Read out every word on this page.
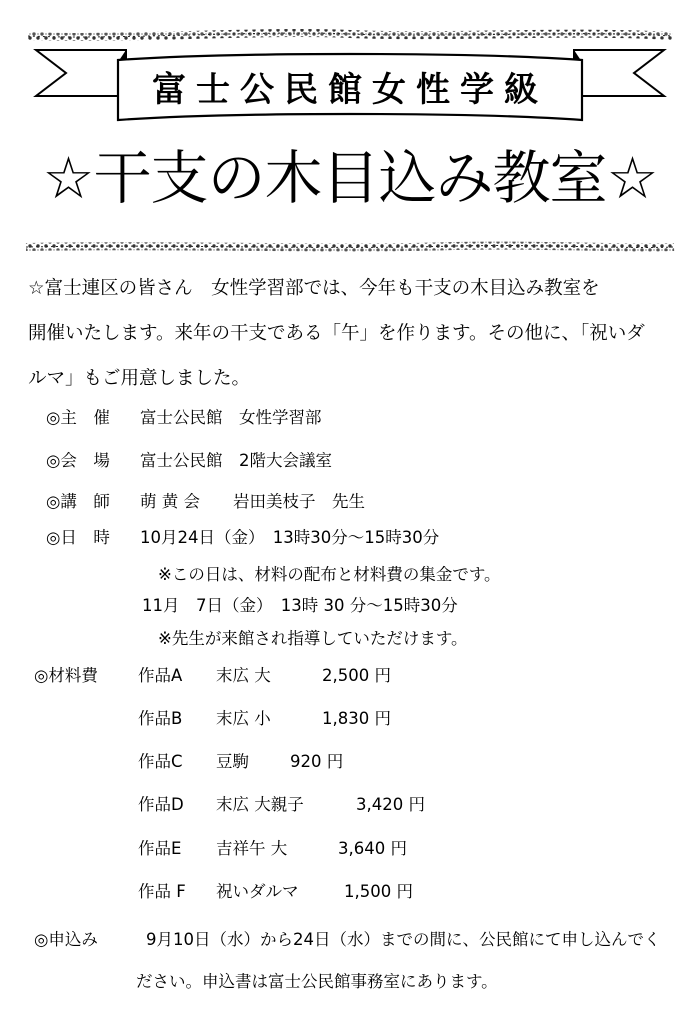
富士公民館女性学級
☆干支の木目込み教室☆

☆富士連区の皆さん　女性学習部では、今年も干支の木目込み教室を

開催いたします。来年の干支である「午」を作ります。その他に、「祝いダ

ルマ」もご用意しました。

◎主　催 富士公民館　女性学習部
◎会　場 富士公民館　2階大会議室
◎講　師 萌 黄 会　　岩田美枝子　先生
◎日　時 10月24日（金）　13時30分～15時30分
※この日は、材料の配布と材料費の集金です。
11月　7日（金）　13時 30 分～15時30分
※先生が来館され指導していただけます。
◎材料費 作品A 末広 大	2,500 円
作品B 末広 小	1,830 円
作品C 豆駒 920 円
作品D 末広 大親子	3,420 円
作品E 吉祥午 大	3,640 円
作品 F 祝いダルマ	1,500 円
◎申込み	9月10日（水）から24日（水）までの間に、公民館にて申し込んでく
ださい。申込書は富士公民館事務室にあります。
